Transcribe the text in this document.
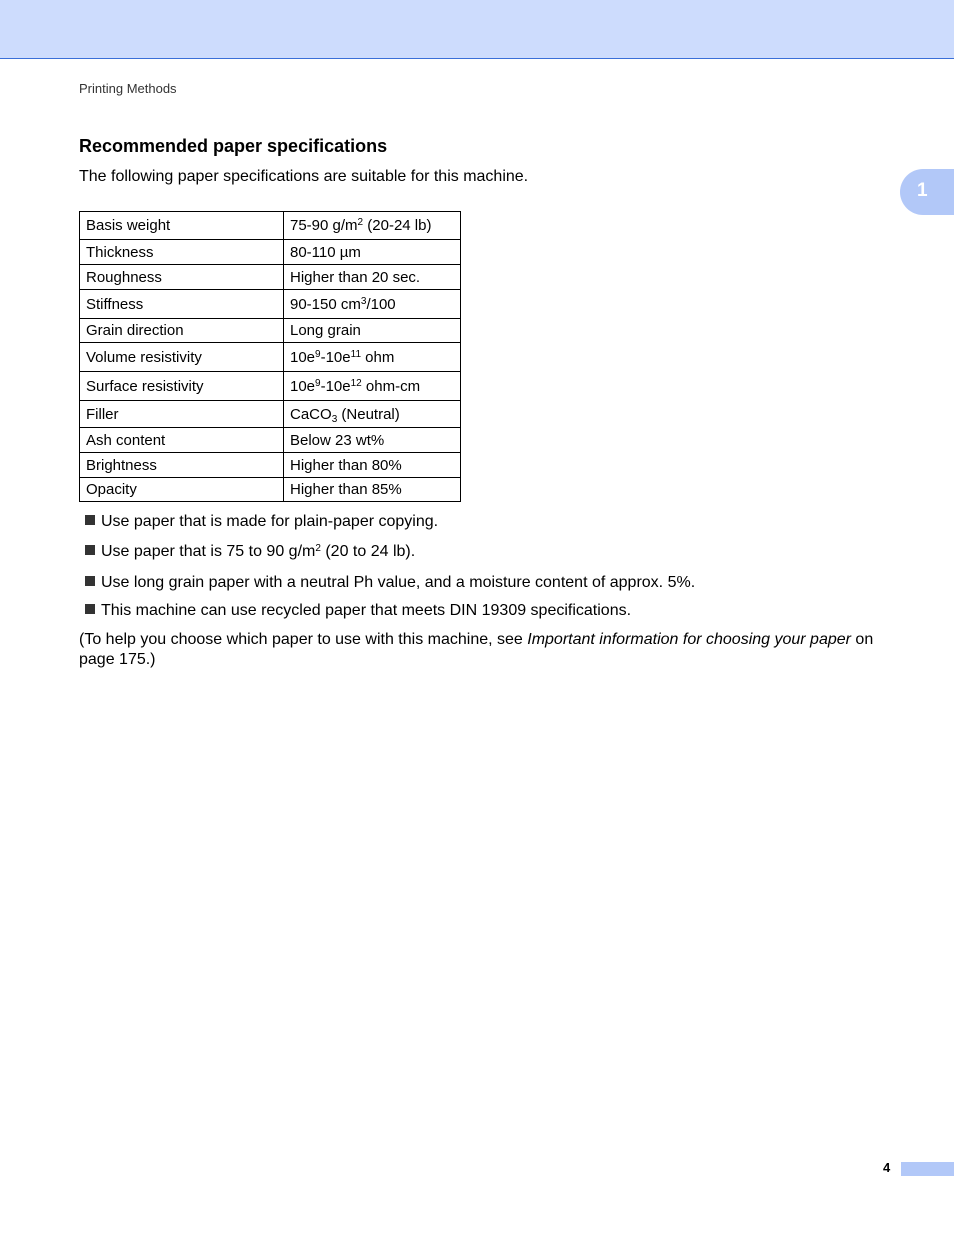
Printing Methods
1
Recommended paper specifications

The following paper specifications are suitable for this machine.

Basis weight	75-90 $g/m^2$ (20-24 lb)
Thickness	80-110 µm
Roughness	Higher than 20 sec.
Stiffness	90-150 $cm^3/100$
Grain direction	Long grain
Volume resistivity	$10e^9-10e^{11}$ ohm
Surface resistivity	$10e^9-10e^{12}$ ohm-cm
Filler	CaCO$_3$ (Neutral)
Ash content	Below 23 wt%
Brightness	Higher than 80%
Opacity	Higher than 85%
Use paper that is made for plain-paper copying.
Use paper that is 75 to 90 $g/m^2$ (20 to 24 lb).
Use long grain paper with a neutral Ph value, and a moisture content of approx. 5%.
This machine can use recycled paper that meets DIN 19309 specifications.

(To help you choose which paper to use with this machine, see Important information for choosing your paper on page 175.)

4
